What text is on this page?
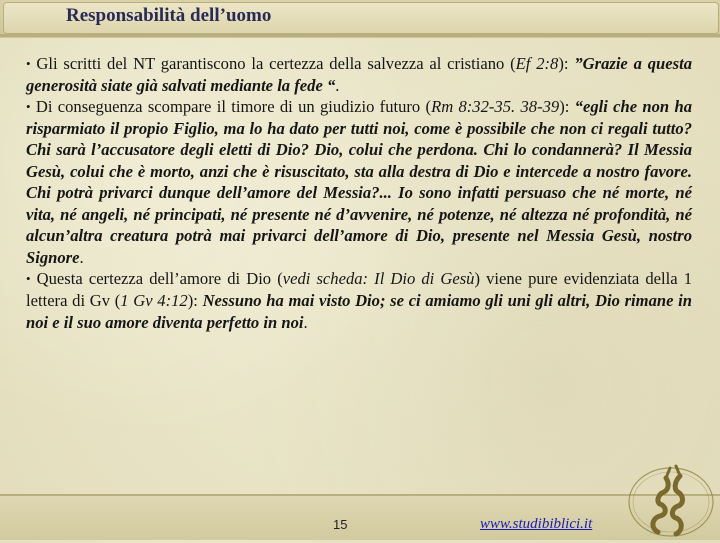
Responsabilità dell’uomo

• Gli scritti del NT garantiscono la certezza della salvezza al cristiano (Ef 2:8): ”Grazie a questa generosità siate già salvati mediante la fede “.

• Di conseguenza scompare il timore di un giudizio futuro (Rm 8:32-35. 38-39): “egli che non ha risparmiato il propio Figlio, ma lo ha dato per tutti noi, come è possibile che non ci regali tutto? Chi sarà l’accusatore degli eletti di Dio? Dio, colui che perdona. Chi lo condannerà? Il Messia Gesù, colui che è morto, anzi che è risuscitato, sta alla destra di Dio e intercede a nostro favore. Chi potrà privarci dunque dell’amore del Messia?... Io sono infatti persuaso che né morte, né vita, né angeli, né principati, né presente né d’avvenire, né potenze, né altezza né profondità, né alcun’altra creatura potrà mai privarci dell’amore di Dio, presente nel Messia Gesù, nostro Signore.

• Questa certezza dell’amore di Dio (vedi scheda: Il Dio di Gesù) viene pure evidenziata della 1 lettera di Gv (1 Gv 4:12): Nessuno ha mai visto Dio; se ci amiamo gli uni gli altri, Dio rimane in noi e il suo amore diventa perfetto in noi.

15	www.studibiblici.it
